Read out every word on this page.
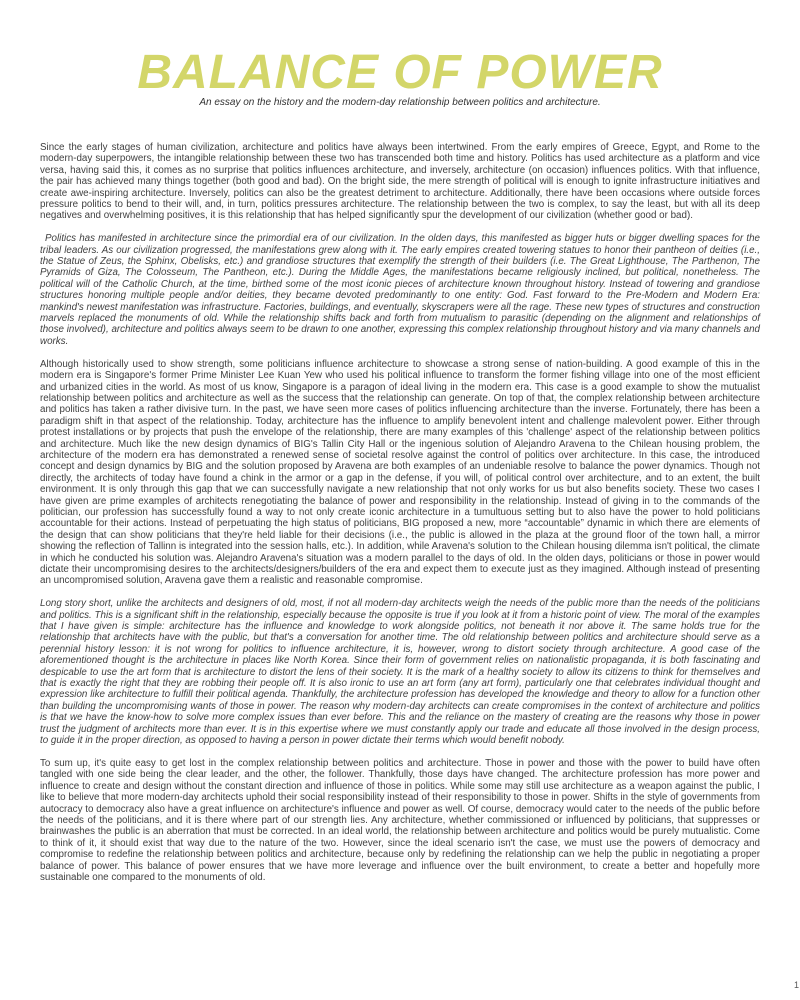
BALANCE OF POWER
An essay on the history and the modern-day relationship between politics and architecture.

Since the early stages of human civilization, architecture and politics have always been intertwined. From the early empires of Greece, Egypt, and Rome to the modern-day superpowers, the intangible relationship between these two has transcended both time and history. Politics has used architecture as a platform and vice versa, having said this, it comes as no surprise that politics influences architecture, and inversely, architecture (on occasion) influences politics. With that influence, the pair has achieved many things together (both good and bad). On the bright side, the mere strength of political will is enough to ignite infrastructure initiatives and create awe-inspiring architecture. Inversely, politics can also be the greatest detriment to architecture. Additionally, there have been occasions where outside forces pressure politics to bend to their will, and, in turn, politics pressures architecture. The relationship between the two is complex, to say the least, but with all its deep negatives and overwhelming positives, it is this relationship that has helped significantly spur the development of our civilization (whether good or bad).

Politics has manifested in architecture since the primordial era of our civilization. In the olden days, this manifested as bigger huts or bigger dwelling spaces for the tribal leaders. As our civilization progressed, the manifestations grew along with it. The early empires created towering statues to honor their pantheon of deities (i.e., the Statue of Zeus, the Sphinx, Obelisks, etc.) and grandiose structures that exemplify the strength of their builders (i.e. The Great Lighthouse, The Parthenon, The Pyramids of Giza, The Colosseum, The Pantheon, etc.). During the Middle Ages, the manifestations became religiously inclined, but political, nonetheless. The political will of the Catholic Church, at the time, birthed some of the most iconic pieces of architecture known throughout history. Instead of towering and grandiose structures honoring multiple people and/or deities, they became devoted predominantly to one entity: God. Fast forward to the Pre-Modern and Modern Era: mankind's newest manifestation was infrastructure. Factories, buildings, and eventually, skyscrapers were all the rage. These new types of structures and construction marvels replaced the monuments of old. While the relationship shifts back and forth from mutualism to parasitic (depending on the alignment and relationships of those involved), architecture and politics always seem to be drawn to one another, expressing this complex relationship throughout history and via many channels and works.

Although historically used to show strength, some politicians influence architecture to showcase a strong sense of nation-building. A good example of this in the modern era is Singapore's former Prime Minister Lee Kuan Yew who used his political influence to transform the former fishing village into one of the most efficient and urbanized cities in the world. As most of us know, Singapore is a paragon of ideal living in the modern era. This case is a good example to show the mutualist relationship between politics and architecture as well as the success that the relationship can generate. On top of that, the complex relationship between architecture and politics has taken a rather divisive turn. In the past, we have seen more cases of politics influencing architecture than the inverse. Fortunately, there has been a paradigm shift in that aspect of the relationship. Today, architecture has the influence to amplify benevolent intent and challenge malevolent power. Either through protest installations or by projects that push the envelope of the relationship, there are many examples of this 'challenge' aspect of the relationship between politics and architecture. Much like the new design dynamics of BIG's Tallin City Hall or the ingenious solution of Alejandro Aravena to the Chilean housing problem, the architecture of the modern era has demonstrated a renewed sense of societal resolve against the control of politics over architecture. In this case, the introduced concept and design dynamics by BIG and the solution proposed by Aravena are both examples of an undeniable resolve to balance the power dynamics. Though not directly, the architects of today have found a chink in the armor or a gap in the defense, if you will, of political control over architecture, and to an extent, the built environment. It is only through this gap that we can successfully navigate a new relationship that not only works for us but also benefits society. These two cases I have given are prime examples of architects renegotiating the balance of power and responsibility in the relationship. Instead of giving in to the commands of the politician, our profession has successfully found a way to not only create iconic architecture in a tumultuous setting but to also have the power to hold politicians accountable for their actions. Instead of perpetuating the high status of politicians, BIG proposed a new, more “accountable” dynamic in which there are elements of the design that can show politicians that they're held liable for their decisions (i.e., the public is allowed in the plaza at the ground floor of the town hall, a mirror showing the reflection of Tallinn is integrated into the session halls, etc.). In addition, while Aravena's solution to the Chilean housing dilemma isn't political, the climate in which he conducted his solution was. Alejandro Aravena's situation was a modern parallel to the days of old. In the olden days, politicians or those in power would dictate their uncompromising desires to the architects/designers/builders of the era and expect them to execute just as they imagined. Although instead of presenting an uncompromised solution, Aravena gave them a realistic and reasonable compromise.

Long story short, unlike the architects and designers of old, most, if not all modern-day architects weigh the needs of the public more than the needs of the politicians and politics. This is a significant shift in the relationship, especially because the opposite is true if you look at it from a historic point of view. The moral of the examples that I have given is simple: architecture has the influence and knowledge to work alongside politics, not beneath it nor above it. The same holds true for the relationship that architects have with the public, but that's a conversation for another time. The old relationship between politics and architecture should serve as a perennial history lesson: it is not wrong for politics to influence architecture, it is, however, wrong to distort society through architecture. A good case of the aforementioned thought is the architecture in places like North Korea. Since their form of government relies on nationalistic propaganda, it is both fascinating and despicable to use the art form that is architecture to distort the lens of their society. It is the mark of a healthy society to allow its citizens to think for themselves and that is exactly the right that they are robbing their people off. It is also ironic to use an art form (any art form), particularly one that celebrates individual thought and expression like architecture to fulfill their political agenda. Thankfully, the architecture profession has developed the knowledge and theory to allow for a function other than building the uncompromising wants of those in power. The reason why modern-day architects can create compromises in the context of architecture and politics is that we have the know-how to solve more complex issues than ever before. This and the reliance on the mastery of creating are the reasons why those in power trust the judgment of architects more than ever. It is in this expertise where we must constantly apply our trade and educate all those involved in the design process, to guide it in the proper direction, as opposed to having a person in power dictate their terms which would benefit nobody.

To sum up, it's quite easy to get lost in the complex relationship between politics and architecture. Those in power and those with the power to build have often tangled with one side being the clear leader, and the other, the follower. Thankfully, those days have changed. The architecture profession has more power and influence to create and design without the constant direction and influence of those in politics. While some may still use architecture as a weapon against the public, I like to believe that more modern-day architects uphold their social responsibility instead of their responsibility to those in power. Shifts in the style of governments from autocracy to democracy also have a great influence on architecture's influence and power as well. Of course, democracy would cater to the needs of the public before the needs of the politicians, and it is there where part of our strength lies. Any architecture, whether commissioned or influenced by politicians, that suppresses or brainwashes the public is an aberration that must be corrected. In an ideal world, the relationship between architecture and politics would be purely mutualistic. Come to think of it, it should exist that way due to the nature of the two. However, since the ideal scenario isn't the case, we must use the powers of democracy and compromise to redefine the relationship between politics and architecture, because only by redefining the relationship can we help the public in negotiating a proper balance of power. This balance of power ensures that we have more leverage and influence over the built environment, to create a better and hopefully more sustainable one compared to the monuments of old.

1
